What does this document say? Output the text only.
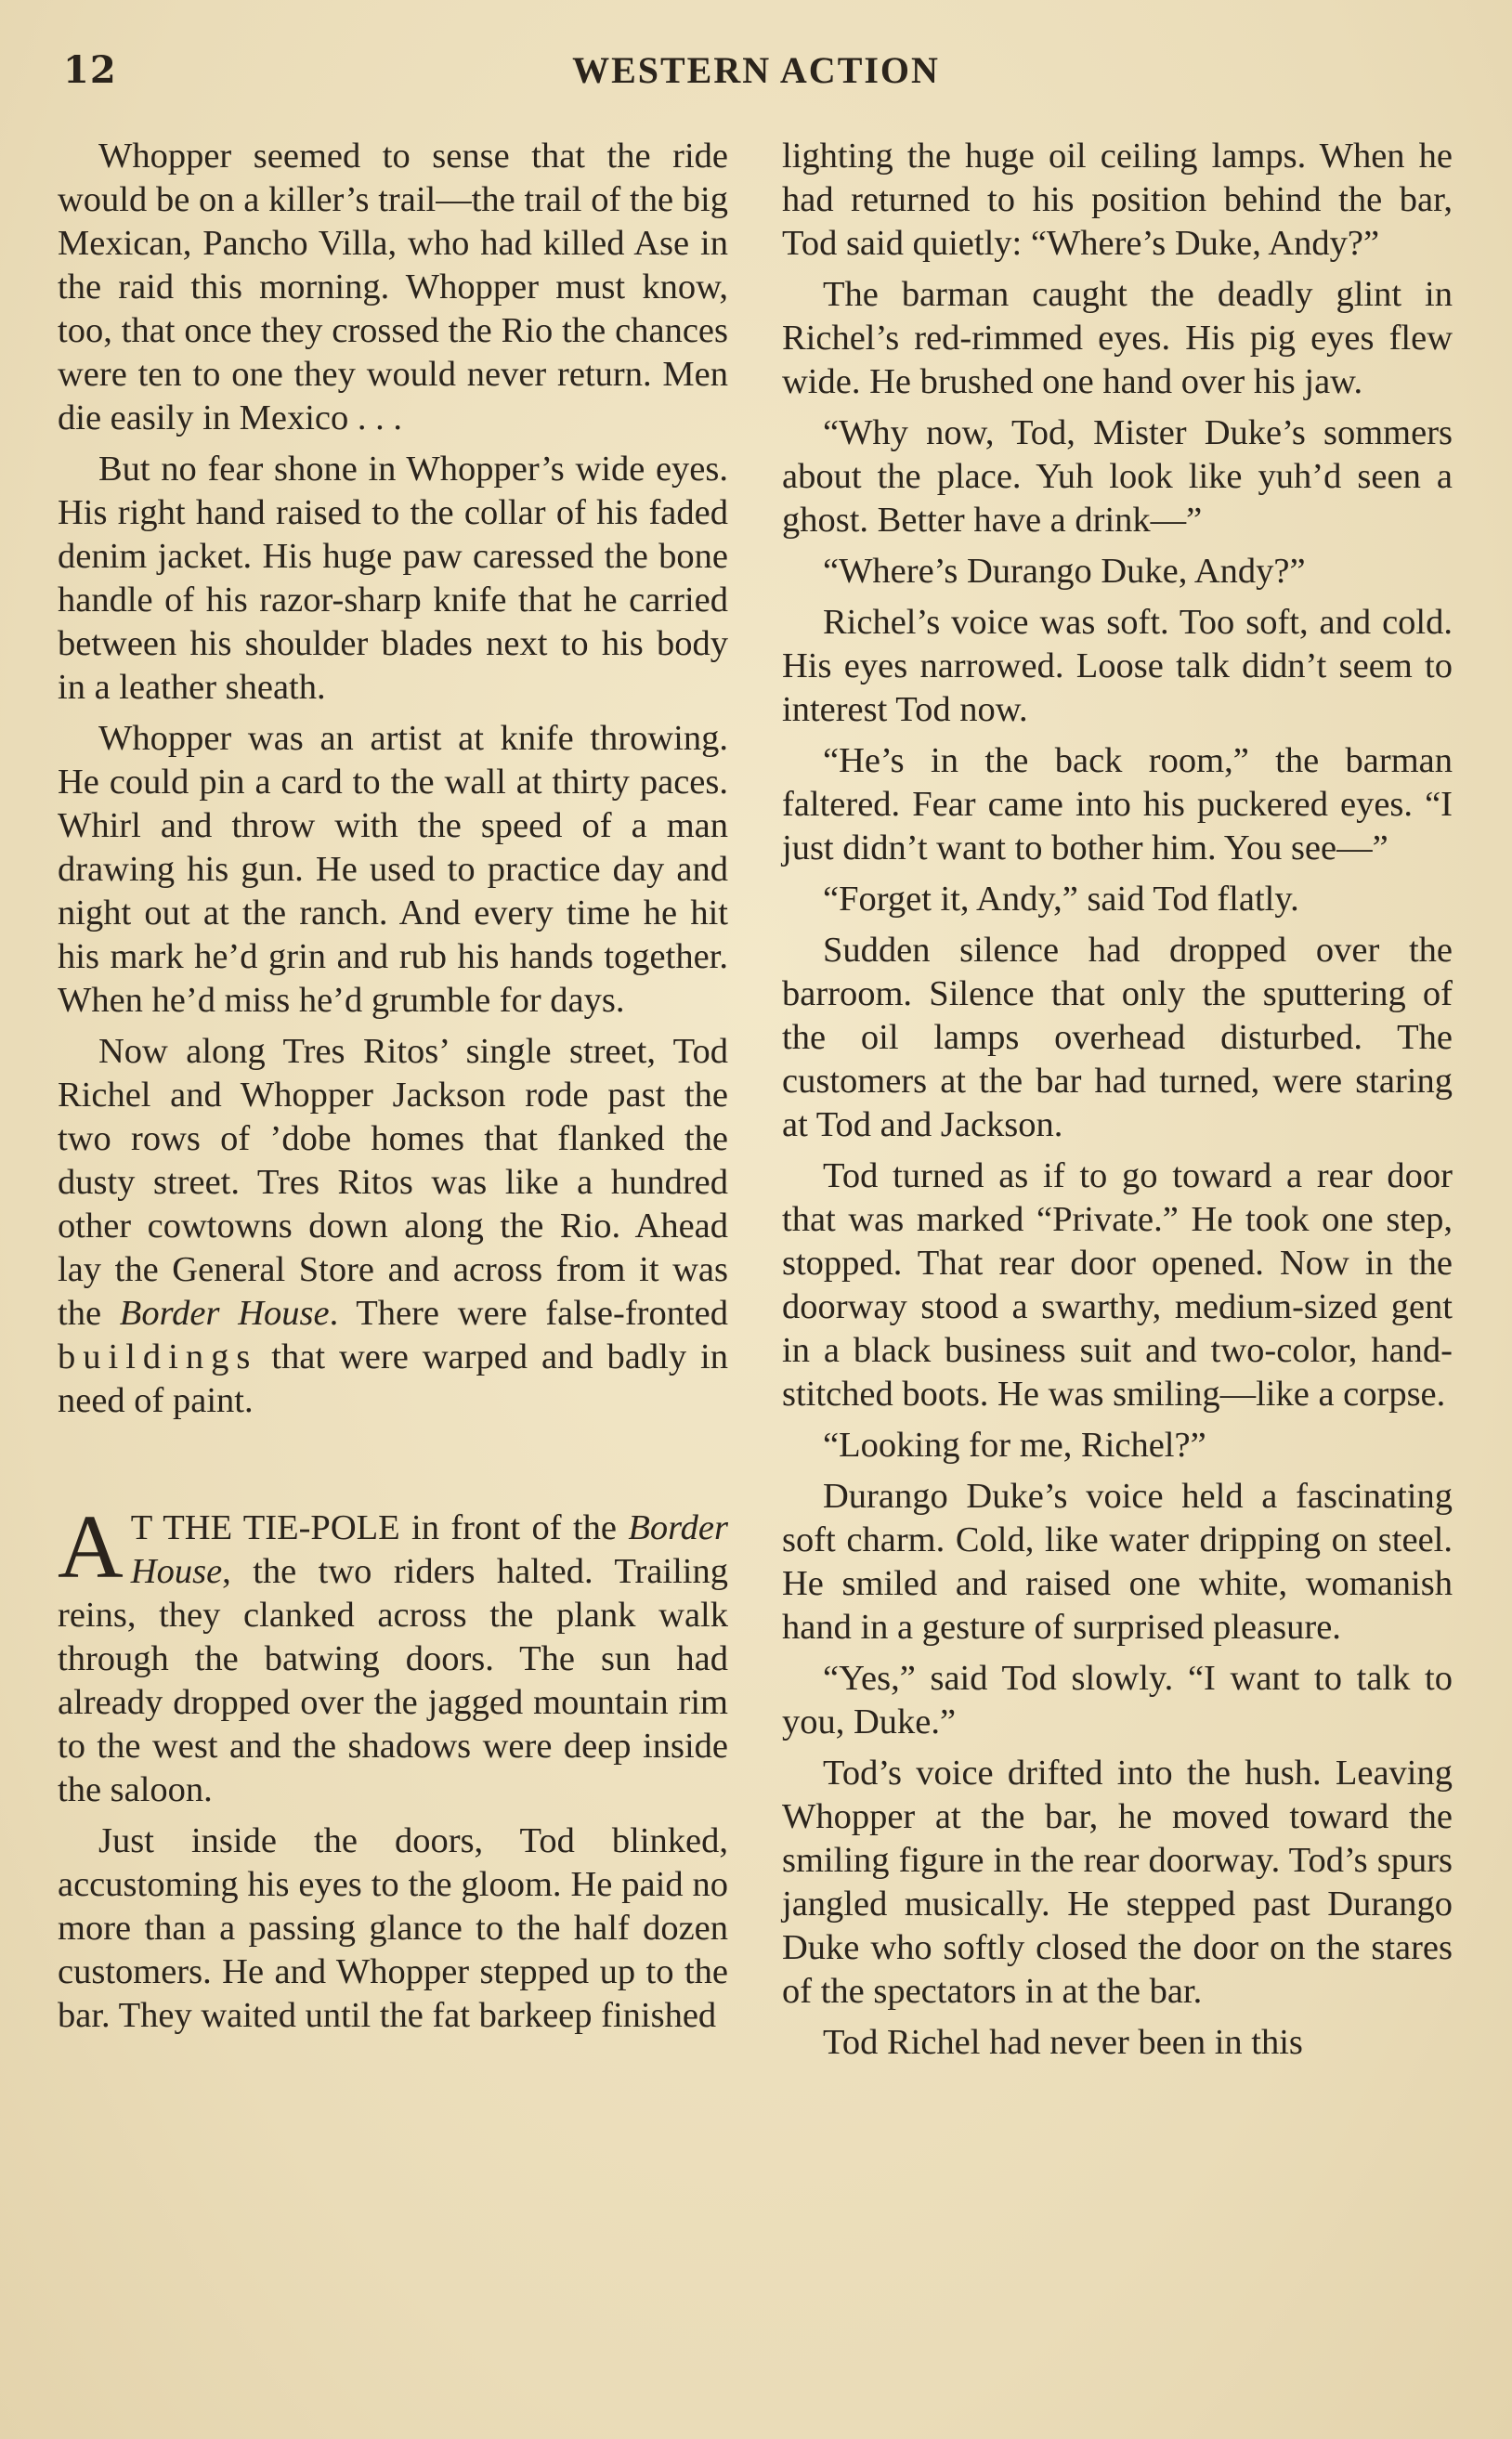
12	WESTERN ACTION

Whopper seemed to sense that the ride would be on a killer’s trail—the trail of the big Mexican, Pancho Villa, who had killed Ase in the raid this morning. Whopper must know, too, that once they crossed the Rio the chances were ten to one they would never return. Men die easily in Mexico . . .

But no fear shone in Whopper’s wide eyes. His right hand raised to the collar of his faded denim jacket. His huge paw caressed the bone handle of his razor-sharp knife that he carried between his shoulder blades next to his body in a leather sheath.

Whopper was an artist at knife throwing. He could pin a card to the wall at thirty paces. Whirl and throw with the speed of a man drawing his gun. He used to practice day and night out at the ranch. And every time he hit his mark he’d grin and rub his hands together. When he’d miss he’d grumble for days.

Now along Tres Ritos’ single street, Tod Richel and Whopper Jackson rode past the two rows of ’dobe homes that flanked the dusty street. Tres Ritos was like a hundred other cowtowns down along the Rio. Ahead lay the General Store and across from it was the Border House. There were false-fronted buildings that were warped and badly in need of paint.

A T THE TIE-POLE in front of the Border House, the two riders halted. Trailing reins, they clanked across the plank walk through the batwing doors. The sun had already dropped over the jagged mountain rim to the west and the shadows were deep inside the saloon.

Just inside the doors, Tod blinked, accustoming his eyes to the gloom. He paid no more than a passing glance to the half dozen customers. He and Whopper stepped up to the bar. They waited until the fat barkeep finished

lighting the huge oil ceiling lamps. When he had returned to his position behind the bar, Tod said quietly: “Where’s Duke, Andy?”

The barman caught the deadly glint in Richel’s red-rimmed eyes. His pig eyes flew wide. He brushed one hand over his jaw.

“Why now, Tod, Mister Duke’s sommers about the place. Yuh look like yuh’d seen a ghost. Better have a drink—”

“Where’s Durango Duke, Andy?”

Richel’s voice was soft. Too soft, and cold. His eyes narrowed. Loose talk didn’t seem to interest Tod now.

“He’s in the back room,” the barman faltered. Fear came into his puckered eyes. “I just didn’t want to bother him. You see—”

“Forget it, Andy,” said Tod flatly.

Sudden silence had dropped over the barroom. Silence that only the sputtering of the oil lamps overhead disturbed. The customers at the bar had turned, were staring at Tod and Jackson.

Tod turned as if to go toward a rear door that was marked “Private.” He took one step, stopped. That rear door opened. Now in the doorway stood a swarthy, medium-sized gent in a black business suit and two-color, hand-stitched boots. He was smiling—like a corpse.

“Looking for me, Richel?”

Durango Duke’s voice held a fascinating soft charm. Cold, like water dripping on steel. He smiled and raised one white, womanish hand in a gesture of surprised pleasure.

“Yes,” said Tod slowly. “I want to talk to you, Duke.”

Tod’s voice drifted into the hush. Leaving Whopper at the bar, he moved toward the smiling figure in the rear doorway. Tod’s spurs jangled musically. He stepped past Durango Duke who softly closed the door on the stares of the spectators in at the bar.

Tod Richel had never been in this
